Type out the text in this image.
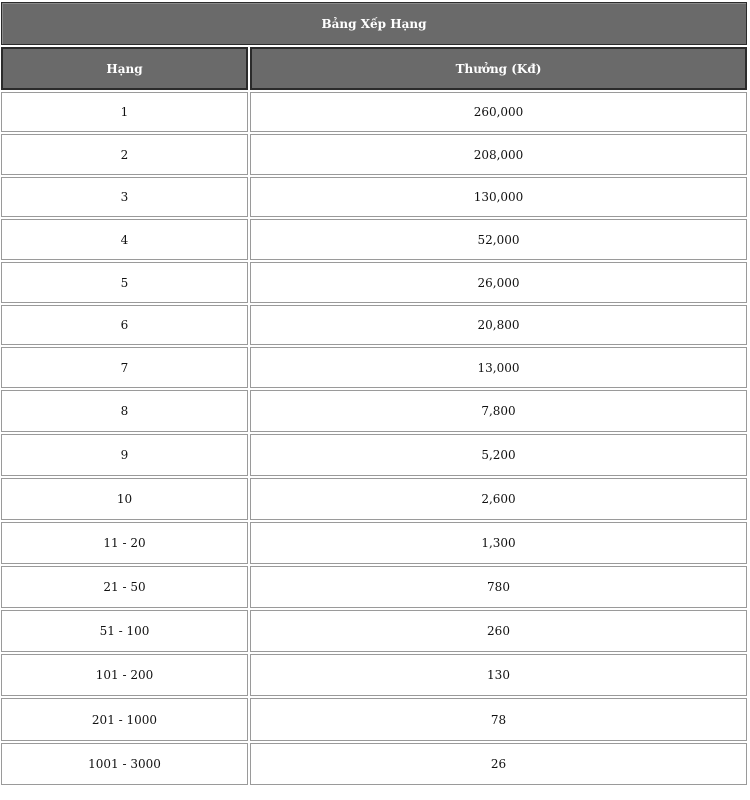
Bảng Xếp Hạng
Hạng	Thưởng (Kđ)
1	260,000
2	208,000
3	130,000
4	52,000
5	26,000
6	20,800
7	13,000
8	7,800
9	5,200
10	2,600
11 - 20	1,300
21 - 50	780
51 - 100	260
101 - 200	130
201 - 1000	78
1001 - 3000	26
